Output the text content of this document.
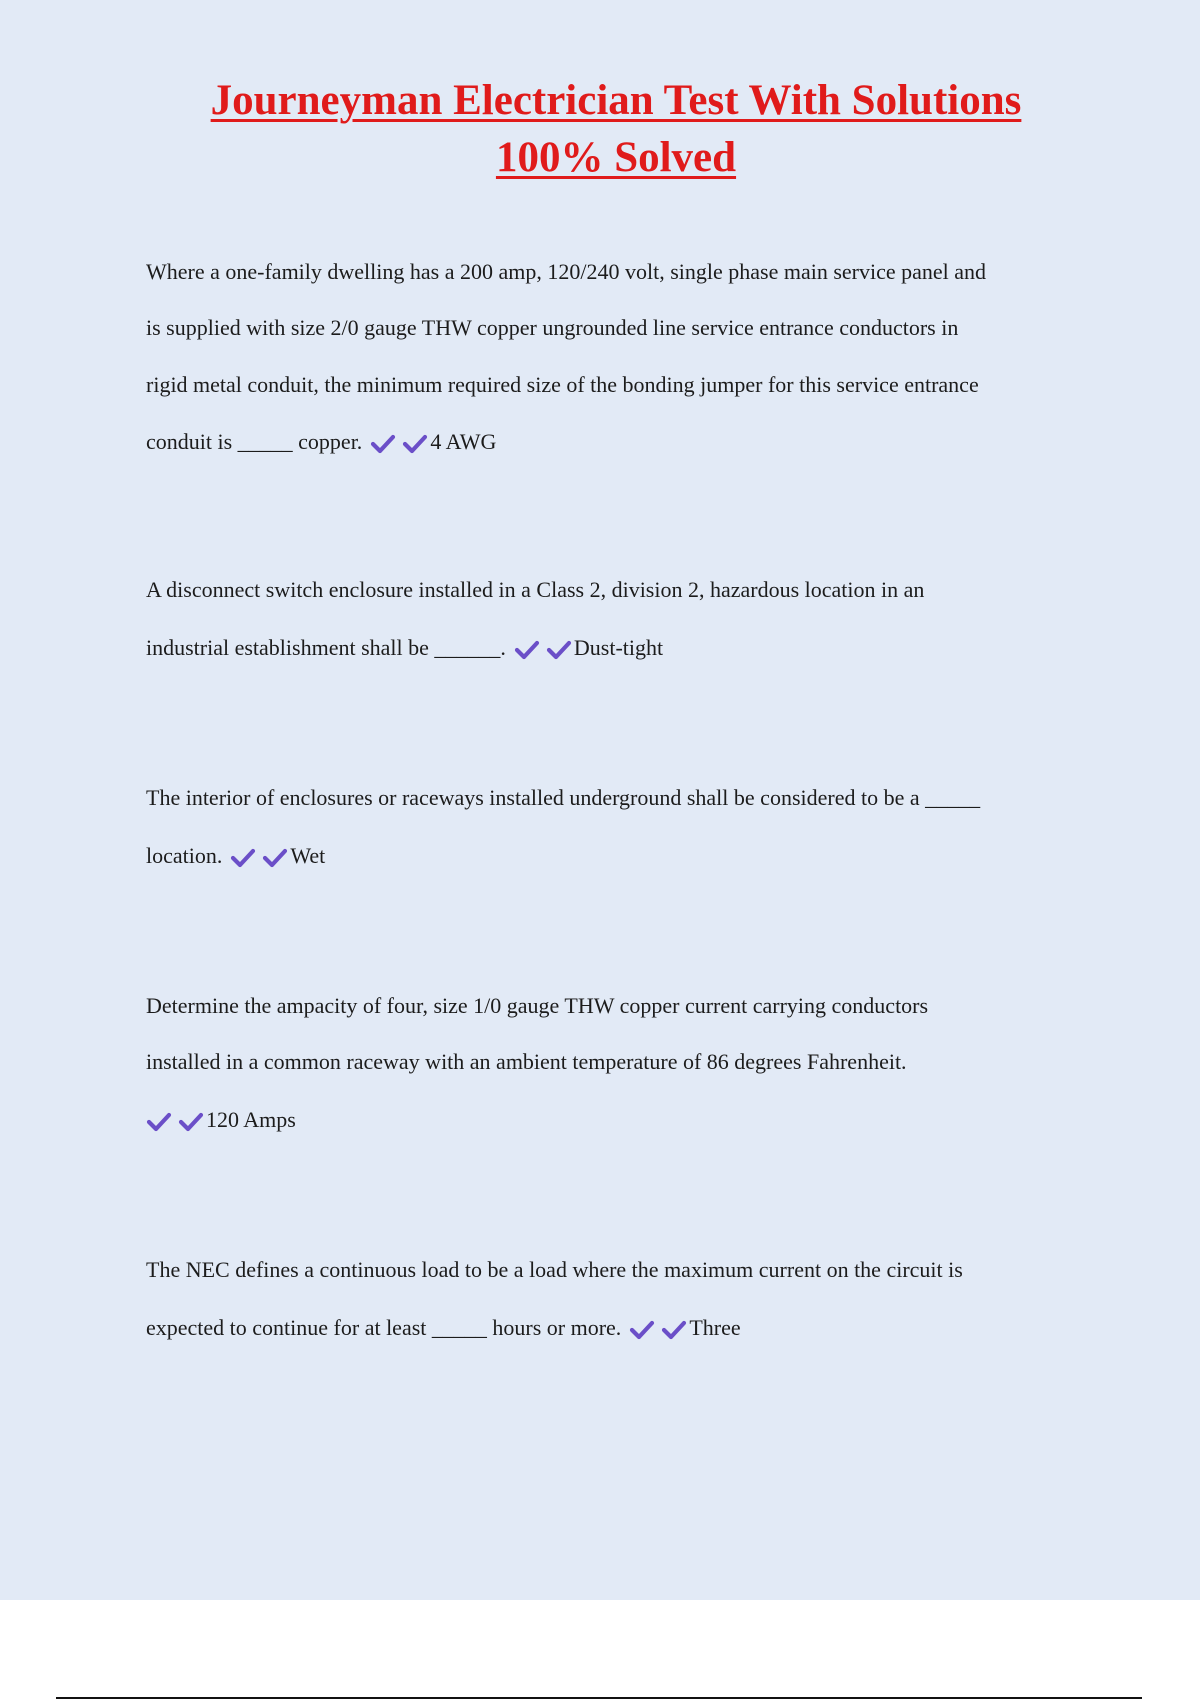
Journeyman Electrician Test With Solutions
100% Solved
Where a one-family dwelling has a 200 amp, 120/240 volt, single phase main service panel and
is supplied with size 2/0 gauge THW copper ungrounded line service entrance conductors in
rigid metal conduit, the minimum required size of the bonding jumper for this service entrance
conduit is _____ copper.	4 AWG
A disconnect switch enclosure installed in a Class 2, division 2, hazardous location in an
industrial establishment shall be ______.	Dust-tight
The interior of enclosures or raceways installed underground shall be considered to be a _____
location.	Wet
Determine the ampacity of four, size 1/0 gauge THW copper current carrying conductors
installed in a common raceway with an ambient temperature of 86 degrees Fahrenheit.
120 Amps
The NEC defines a continuous load to be a load where the maximum current on the circuit is
expected to continue for at least _____ hours or more.	Three
